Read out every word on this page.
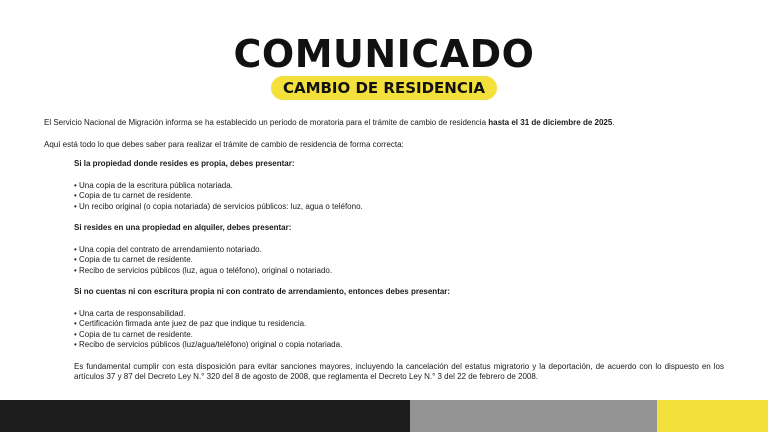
COMUNICADO
CAMBIO DE RESIDENCIA

El Servicio Nacional de Migración informa se ha establecido un periodo de moratoria para el trámite de cambio de residencia hasta el 31 de diciembre de 2025.

Aquí está todo lo que debes saber para realizar el trámite de cambio de residencia de forma correcta:

Si la propiedad donde resides es propia, debes presentar:

• Una copia de la escritura pública notariada.
• Copia de tu carnet de residente.
• Un recibo original (o copia notariada) de servicios públicos: luz, agua o teléfono.

Si resides en una propiedad en alquiler, debes presentar:

• Una copia del contrato de arrendamiento notariado.
• Copia de tu carnet de residente.
• Recibo de servicios públicos (luz, agua o teléfono), original o notariado.

Si no cuentas ni con escritura propia ni con contrato de arrendamiento, entonces debes presentar:

• Una carta de responsabilidad.
• Certificación firmada ante juez de paz que indique tu residencia.
• Copia de tu carnet de residente.
• Recibo de servicios públicos (luz/agua/teléfono) original o copia notariada.

Es fundamental cumplir con esta disposición para evitar sanciones mayores, incluyendo la cancelación del estatus migratorio y la deportación, de acuerdo con lo dispuesto en los artículos 37 y 87 del Decreto Ley N.° 320 del 8 de agosto de 2008, que reglamenta el Decreto Ley N.° 3 del 22 de febrero de 2008.
